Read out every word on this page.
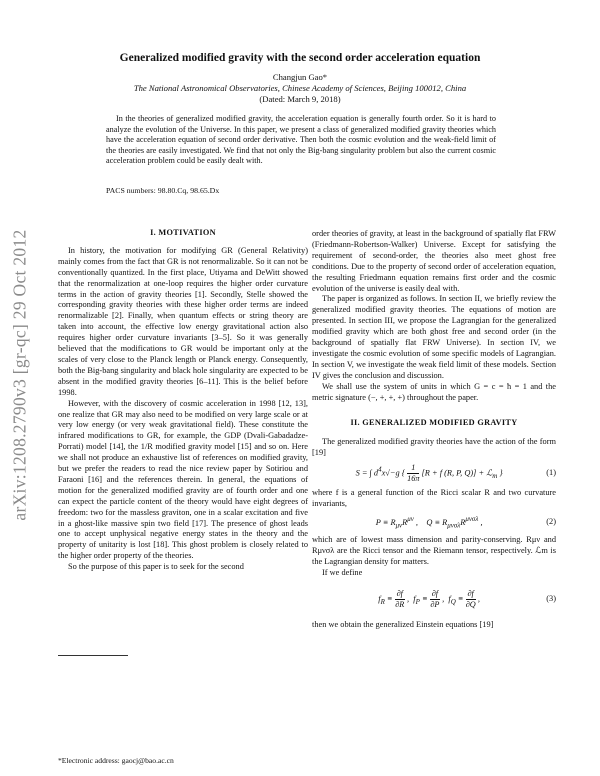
Generalized modified gravity with the second order acceleration equation
Changjun Gao*
The National Astronomical Observatories, Chinese Academy of Sciences, Beijing 100012, China
(Dated: March 9, 2018)
In the theories of generalized modified gravity, the acceleration equation is generally fourth order. So it is hard to analyze the evolution of the Universe. In this paper, we present a class of generalized modified gravity theories which have the acceleration equation of second order derivative. Then both the cosmic evolution and the weak-field limit of the theories are easily investigated. We find that not only the Big-bang singularity problem but also the current cosmic acceleration problem could be easily dealt with.
PACS numbers: 98.80.Cq, 98.65.Dx
arXiv:1208.2790v3 [gr-qc] 29 Oct 2012	I. MOTIVATION

In history, the motivation for modifying GR (General Relativity) mainly comes from the fact that GR is not renormalizable. So it can not be conventionally quantized. In the first place, Utiyama and DeWitt showed that the renormalization at one-loop requires the higher order curvature terms in the action of gravity theories [1]. Secondly, Stelle showed the corresponding gravity theories with these higher order terms are indeed renormalizable [2]. Finally, when quantum effects or string theory are taken into account, the effective low energy gravitational action also requires higher order curvature invariants [3–5]. So it was generally believed that the modifications to GR would be important only at the scales of very close to the Planck length or Planck energy. Consequently, both the Big-bang singularity and black hole singularity are expected to be absent in the modified gravity theories [6–11]. This is the belief before 1998.

However, with the discovery of cosmic acceleration in 1998 [12, 13], one realize that GR may also need to be modified on very large scale or at very low energy (or very weak gravitational field). These constitute the infrared modifications to GR, for example, the GDP (Dvali-Gabadadze-Porrati) model [14], the 1/R modified gravity model [15] and so on. Here we shall not produce an exhaustive list of references on modified gravity, but we prefer the readers to read the nice review paper by Sotiriou and Faraoni [16] and the references therein. In general, the equations of motion for the generalized modified gravity are of fourth order and one can expect the particle content of the theory would have eight degrees of freedom: two for the massless graviton, one in a scalar excitation and five in a ghost-like massive spin two field [17]. The presence of ghost leads one to accept unphysical negative energy states in the theory and the property of unitarity is lost [18]. This ghost problem is closely related to the higher order property of the theories.

So the purpose of this paper is to seek for the second

order theories of gravity, at least in the background of spatially flat FRW (Friedmann-Robertson-Walker) Universe. Except for satisfying the requirement of second-order, the theories also meet ghost free conditions. Due to the property of second order of acceleration equation, the resulting Friedmann equation remains first order and the cosmic evolution of the universe is easily deal with.

The paper is organized as follows. In section II, we briefly review the generalized modified gravity theories. The equations of motion are presented. In section III, we propose the Lagrangian for the generalized modified gravity which are both ghost free and second order (in the background of spatially flat FRW Universe). In section IV, we investigate the cosmic evolution of some specific models of Lagrangian. In section V, we investigate the weak field limit of these models. Section IV gives the conclusion and discussion.

We shall use the system of units in which G = c = ħ = 1 and the metric signature (−, +, +, +) throughout the paper.

II. GENERALIZED MODIFIED GRAVITY

The generalized modified gravity theories have the action of the form [19]

S = ∫ $d^4x√-g$ { $\frac{1}{16\pi} [R + f$ (R, P, Q)] + ℒ$_m$ }	(1)

where f is a general function of the Ricci scalar R and two curvature invariants,

$P \equiv R_{\mu\nu}R^{\mu\nu}$ ,    $Q \equiv R_{\mu\nu\sigma\lambda}R^{\mu\nu\sigma\lambda}$ ,	(2)

which are of lowest mass dimension and parity-conserving. Rμν and Rμνσλ are the Ricci tensor and the Riemann tensor, respectively. ℒm is the Lagrangian density for matters.

If we define

$f_R \equiv \frac{\partial f}{\partial R}$ ,  $f_P \equiv \frac{\partial f}{\partial P}$ ,  $f_Q \equiv \frac{\partial f}{\partial Q}$ ,	(3)

then we obtain the generalized Einstein equations [19]

*Electronic address: gaocj@bao.ac.cn
